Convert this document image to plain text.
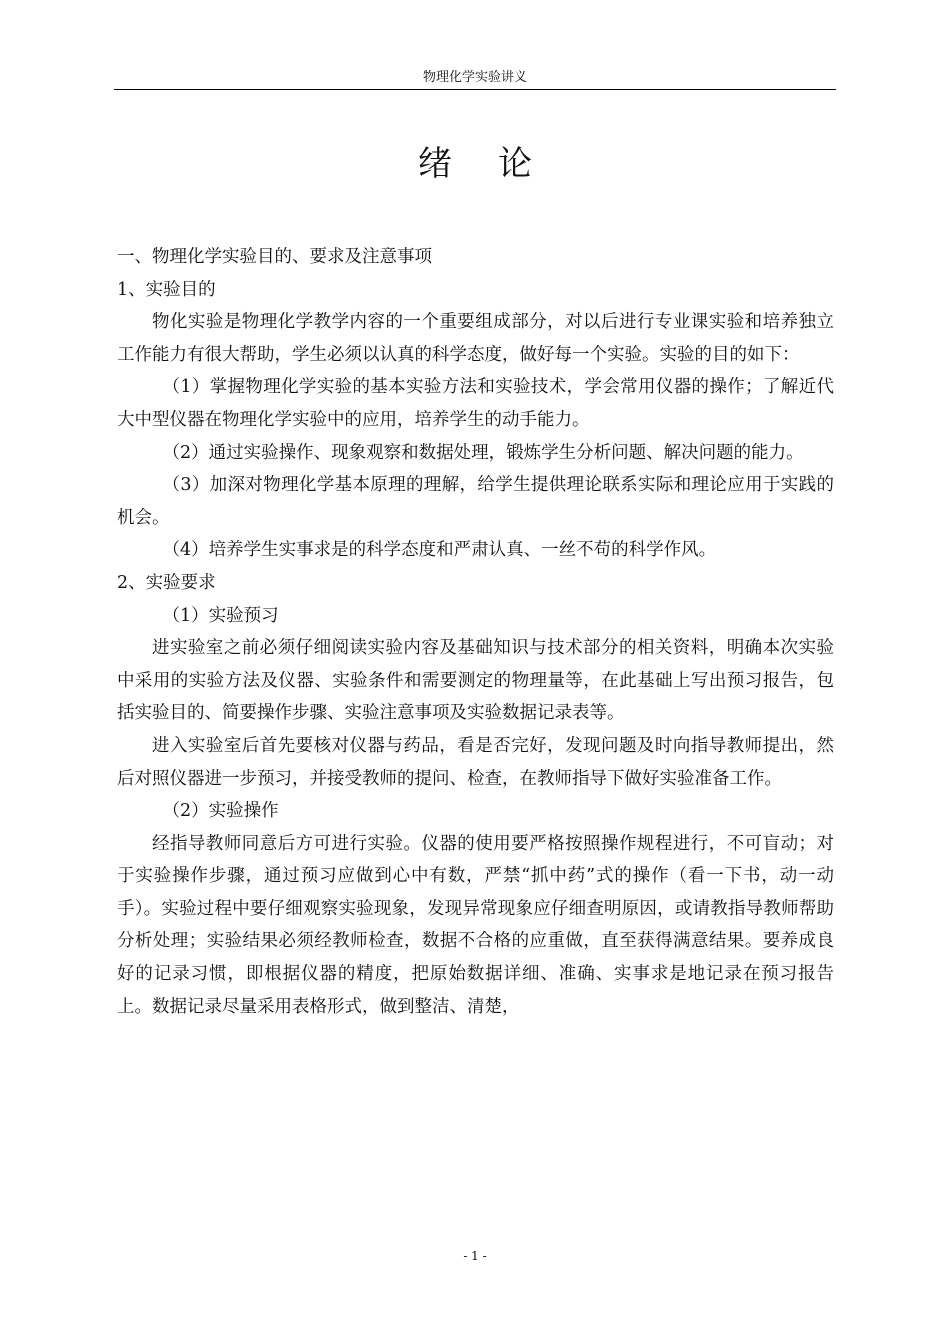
物理化学实验讲义
绪论

一、物理化学实验目的、要求及注意事项

1、实验目的

物化实验是物理化学教学内容的一个重要组成部分，对以后进行专业课实验和培养独立工作能力有很大帮助，学生必须以认真的科学态度，做好每一个实验。实验的目的如下：

（1）掌握物理化学实验的基本实验方法和实验技术，学会常用仪器的操作；了解近代大中型仪器在物理化学实验中的应用，培养学生的动手能力。

（2）通过实验操作、现象观察和数据处理，锻炼学生分析问题、解决问题的能力。

（3）加深对物理化学基本原理的理解，给学生提供理论联系实际和理论应用于实践的机会。

（4）培养学生实事求是的科学态度和严肃认真、一丝不苟的科学作风。

2、实验要求

（1）实验预习

进实验室之前必须仔细阅读实验内容及基础知识与技术部分的相关资料，明确本次实验中采用的实验方法及仪器、实验条件和需要测定的物理量等，在此基础上写出预习报告，包括实验目的、简要操作步骤、实验注意事项及实验数据记录表等。

进入实验室后首先要核对仪器与药品，看是否完好，发现问题及时向指导教师提出，然后对照仪器进一步预习，并接受教师的提问、检查，在教师指导下做好实验准备工作。

（2）实验操作

经指导教师同意后方可进行实验。仪器的使用要严格按照操作规程进行，不可盲动；对于实验操作步骤，通过预习应做到心中有数，严禁“抓中药”式的操作（看一下书，动一动手）。实验过程中要仔细观察实验现象，发现异常现象应仔细查明原因，或请教指导教师帮助分析处理；实验结果必须经教师检查，数据不合格的应重做，直至获得满意结果。要养成良好的记录习惯，即根据仪器的精度，把原始数据详细、准确、实事求是地记录在预习报告上。数据记录尽量采用表格形式，做到整洁、清楚，

- 1 -
